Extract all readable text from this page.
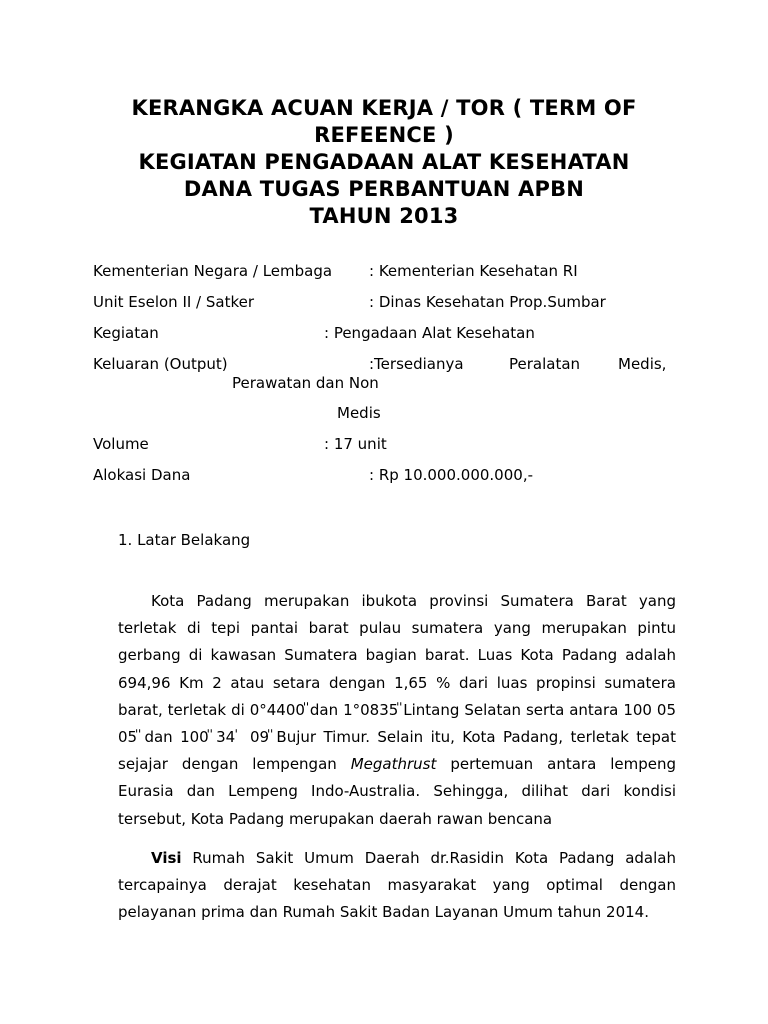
KERANGKA ACUAN KERJA / TOR ( TERM OF
REFEENCE )
KEGIATAN PENGADAAN ALAT KESEHATAN
DANA TUGAS PERBANTUAN APBN
TAHUN 2013
Kementerian Negara / Lembaga : Kementerian Kesehatan RI
Unit Eselon II / Satker	: Dinas Kesehatan Prop.Sumbar
Kegiatan	: Pengadaan Alat Kesehatan
Keluaran (Output)	:Tersedianya	Peralatan	Medis,
Perawatan dan Non
Medis
Volume	: 17 unit
Alokasi Dana	: Rp 10.000.000.000,-
1. Latar Belakang

Kota Padang merupakan ibukota provinsi Sumatera Barat yang terletak di tepi pantai barat pulau sumatera yang merupakan pintu gerbang di kawasan Sumatera bagian barat. Luas Kota Padang adalah 694,96 Km 2 atau setara dengan 1,65 % dari luas propinsi sumatera barat, terletak di 0°4400 ̎dan 1°0835 ̎Lintang Selatan serta antara 100 05 05 ̎dan 100 ̎34 ̍ 09 ̎Bujur Timur. Selain itu, Kota Padang, terletak tepat sejajar dengan lempengan Megathrust pertemuan antara lempeng Eurasia dan Lempeng Indo-Australia. Sehingga, dilihat dari kondisi tersebut, Kota Padang merupakan daerah rawan bencana

Visi Rumah Sakit Umum Daerah dr.Rasidin Kota Padang adalah tercapainya derajat kesehatan masyarakat yang optimal dengan pelayanan prima dan Rumah Sakit Badan Layanan Umum tahun 2014.
